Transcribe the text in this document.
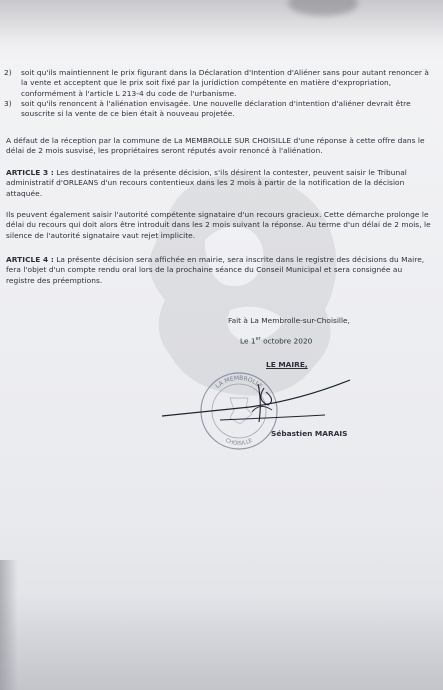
2) soit qu'ils maintiennent le prix figurant dans la Déclaration d'Intention d'Aliéner sans pour autant renoncer à la vente et acceptent que le prix soit fixé par la juridiction compétente en matière d'expropriation, conformément à l'article L 213-4 du code de l'urbanisme.
3) soit qu'ils renoncent à l'aliénation envisagée. Une nouvelle déclaration d'intention d'aliéner devrait être souscrite si la vente de ce bien était à nouveau projetée.
A défaut de la réception par la commune de La MEMBROLLE SUR CHOISILLE d'une réponse à cette offre dans le délai de 2 mois susvisé, les propriétaires seront réputés avoir renoncé à l'aliénation.
ARTICLE 3 : Les destinataires de la présente décision, s'ils désirent la contester, peuvent saisir le Tribunal administratif d'ORLEANS d'un recours contentieux dans les 2 mois à partir de la notification de la décision attaquée.
Ils peuvent également saisir l'autorité compétente signataire d'un recours gracieux. Cette démarche prolonge le délai du recours qui doit alors être introduit dans les 2 mois suivant la réponse. Au terme d'un délai de 2 mois, le silence de l'autorité signataire vaut rejet implicite.
ARTICLE 4 : La présente décision sera affichée en mairie, sera inscrite dans le registre des décisions du Maire, fera l'objet d'un compte rendu oral lors de la prochaine séance du Conseil Municipal et sera consignée au registre des préemptions.
Fait à La Membrolle-sur-Choisille,
Le 1er octobre 2020
LE MAIRE,
LA MEMBROLLE
CHOISILLE
Sébastien MARAIS
